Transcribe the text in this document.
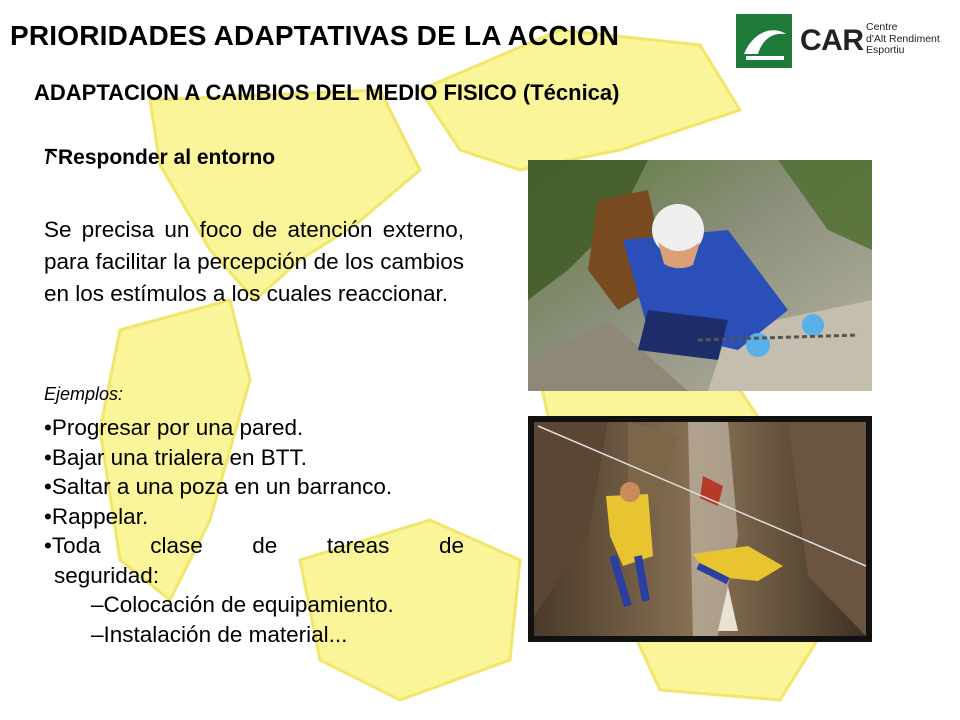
PRIORIDADES ADAPTATIVAS DE LA ACCION
ADAPTACION A CAMBIOS DEL MEDIO FISICO (Técnica)
CAR Centre
d'Alt Rendiment
Esportiu
Responder al entorno
Se precisa un foco de atención externo, para facilitar la percepción de los cambios en los estímulos a los cuales reaccionar.
Ejemplos:
•Progresar por una pared.
•Bajar una trialera en BTT.
•Saltar a una poza en un barranco.
•Rappelar.
•Toda clase de tareas de
seguridad:
–Colocación de equipamiento.
–Instalación de material...
